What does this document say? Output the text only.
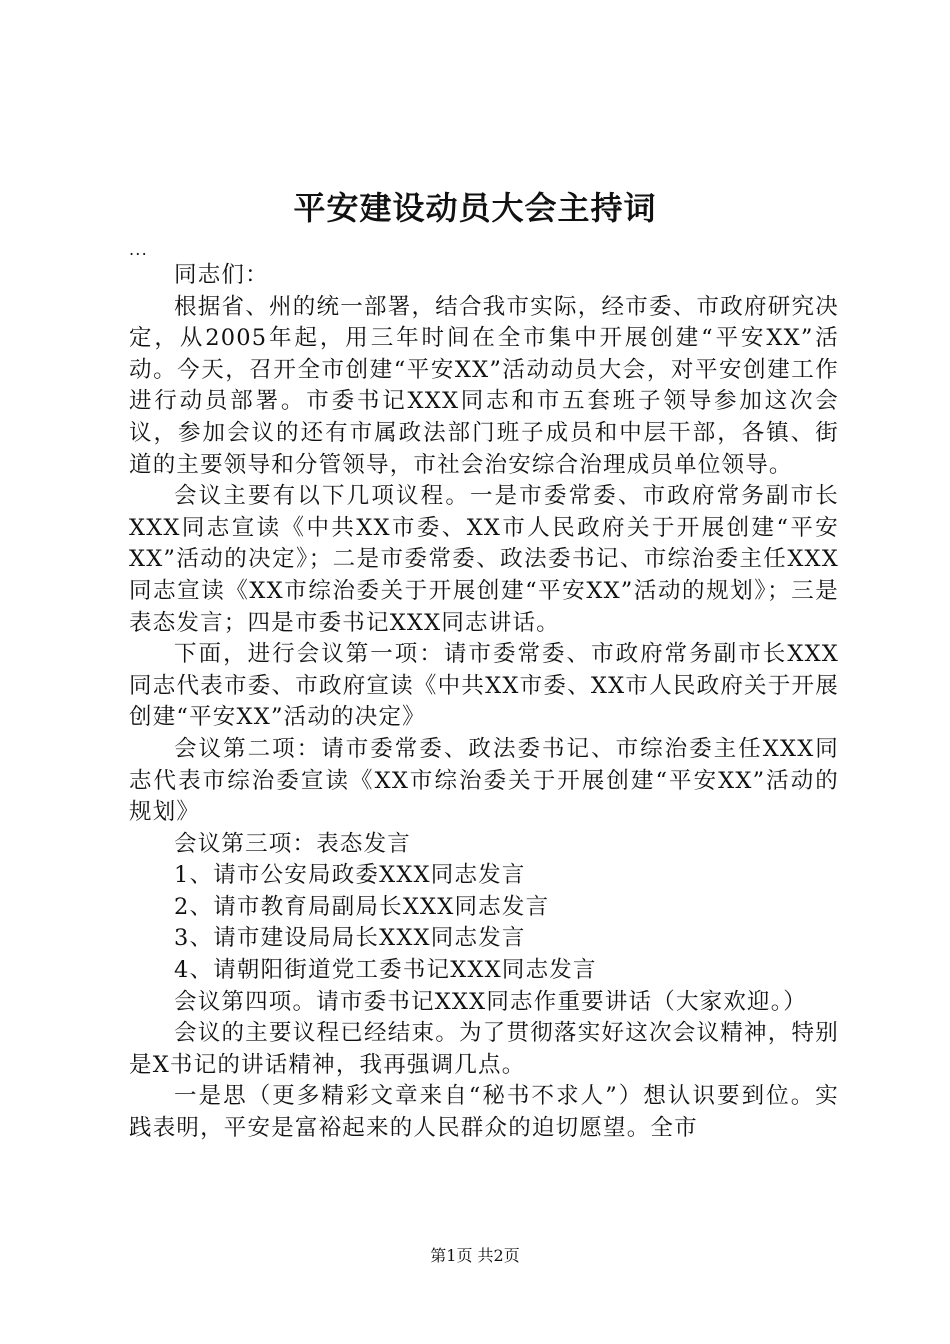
平安建设动员大会主持词

...

同志们：

根据省、州的统一部署，结合我市实际，经市委、市政府研究决定，从2005年起，用三年时间在全市集中开展创建“平安XX”活动。今天，召开全市创建“平安XX”活动动员大会，对平安创建工作进行动员部署。市委书记XXX同志和市五套班子领导参加这次会议，参加会议的还有市属政法部门班子成员和中层干部，各镇、街道的主要领导和分管领导，市社会治安综合治理成员单位领导。

会议主要有以下几项议程。一是市委常委、市政府常务副市长XXX同志宣读《中共XX市委、XX市人民政府关于开展创建“平安XX”活动的决定》；二是市委常委、政法委书记、市综治委主任XXX同志宣读《XX市综治委关于开展创建“平安XX”活动的规划》；三是表态发言；四是市委书记XXX同志讲话。

下面，进行会议第一项：请市委常委、市政府常务副市长XXX同志代表市委、市政府宣读《中共XX市委、XX市人民政府关于开展创建“平安XX”活动的决定》

会议第二项：请市委常委、政法委书记、市综治委主任XXX同志代表市综治委宣读《XX市综治委关于开展创建“平安XX”活动的规划》

会议第三项：表态发言

1、请市公安局政委XXX同志发言

2、请市教育局副局长XXX同志发言

3、请市建设局局长XXX同志发言

4、请朝阳街道党工委书记XXX同志发言

会议第四项。请市委书记XXX同志作重要讲话（大家欢迎。）

会议的主要议程已经结束。为了贯彻落实好这次会议精神，特别是X书记的讲话精神，我再强调几点。

一是思（更多精彩文章来自“秘书不求人”）想认识要到位。实践表明，平安是富裕起来的人民群众的迫切愿望。全市

第1页 共2页
